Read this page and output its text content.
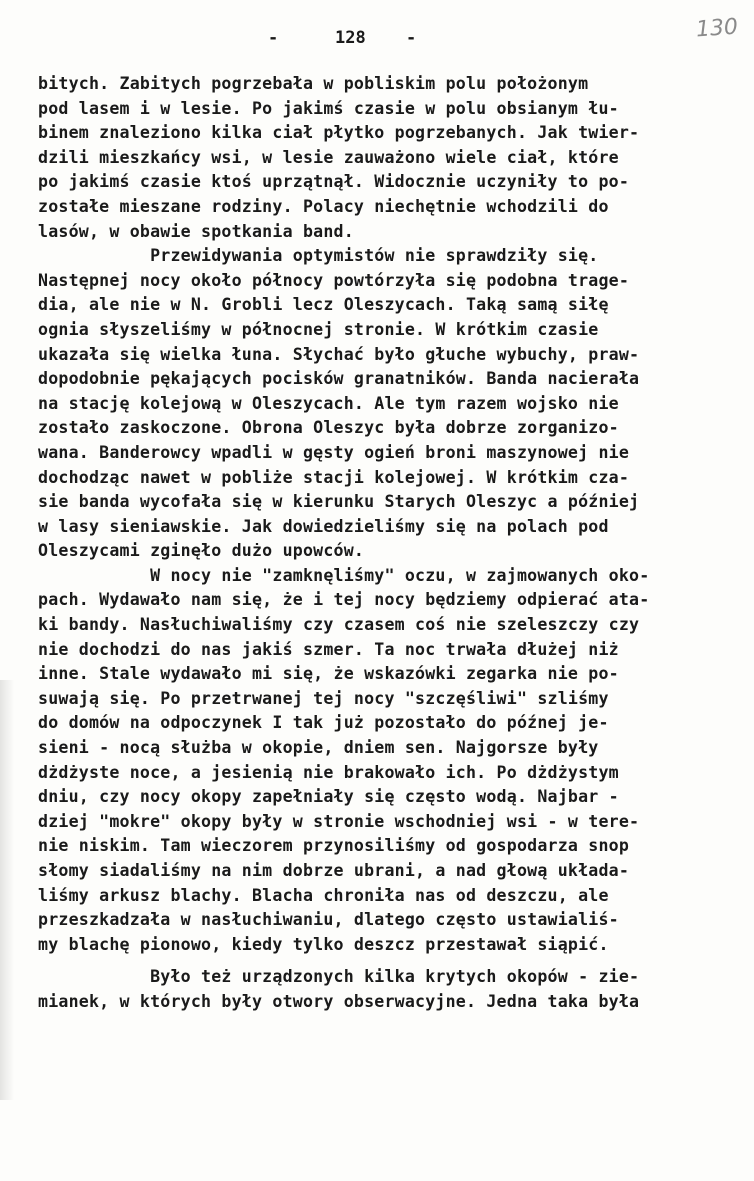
-	128 -	130
bitych. Zabitych pogrzebała w pobliskim polu położonym
pod lasem i w lesie. Po jakimś czasie w polu obsianym łu-
binem znaleziono kilka ciał płytko pogrzebanych. Jak twier-
dzili mieszkańcy wsi, w lesie zauważono wiele ciał, które
po jakimś czasie ktoś uprzątnął. Widocznie uczyniły to po-
zostałe mieszane rodziny. Polacy niechętnie wchodzili do
lasów, w obawie spotkania band.
Przewidywania optymistów nie sprawdziły się.
Następnej nocy około północy powtórzyła się podobna trage-
dia, ale nie w N. Grobli lecz Oleszycach. Taką samą siłę
ognia słyszeliśmy w północnej stronie. W krótkim czasie
ukazała się wielka łuna. Słychać było głuche wybuchy, praw-
dopodobnie pękających pocisków granatników. Banda nacierała
na stację kolejową w Oleszycach. Ale tym razem wojsko nie
zostało zaskoczone. Obrona Oleszyc była dobrze zorganizo-
wana. Banderowcy wpadli w gęsty ogień broni maszynowej nie
dochodząc nawet w pobliże stacji kolejowej. W krótkim cza-
sie banda wycofała się w kierunku Starych Oleszyc a później
w lasy sieniawskie. Jak dowiedzieliśmy się na polach pod
Oleszycami zginęło dużo upowców.
W nocy nie "zamknęliśmy" oczu, w zajmowanych oko-
pach. Wydawało nam się, że i tej nocy będziemy odpierać ata-
ki bandy. Nasłuchiwaliśmy czy czasem coś nie szeleszczy czy
nie dochodzi do nas jakiś szmer. Ta noc trwała dłużej niż
inne. Stale wydawało mi się, że wskazówki zegarka nie po-
suwają się. Po przetrwanej tej nocy "szczęśliwi" szliśmy
do domów na odpoczynek I tak już pozostało do późnej je-
sieni - nocą służba w okopie, dniem sen. Najgorsze były
dżdżyste noce, a jesienią nie brakowało ich. Po dżdżystym
dniu, czy nocy okopy zapełniały się często wodą. Najbar -
dziej "mokre" okopy były w stronie wschodniej wsi - w tere-
nie niskim. Tam wieczorem przynosiliśmy od gospodarza snop
słomy siadaliśmy na nim dobrze ubrani, a nad głową układa-
liśmy arkusz blachy. Blacha chroniła nas od deszczu, ale
przeszkadzała w nasłuchiwaniu, dlatego często ustawialiś-
my blachę pionowo, kiedy tylko deszcz przestawał siąpić.
Było też urządzonych kilka krytych okopów - zie-
mianek, w których były otwory obserwacyjne. Jedna taka była
